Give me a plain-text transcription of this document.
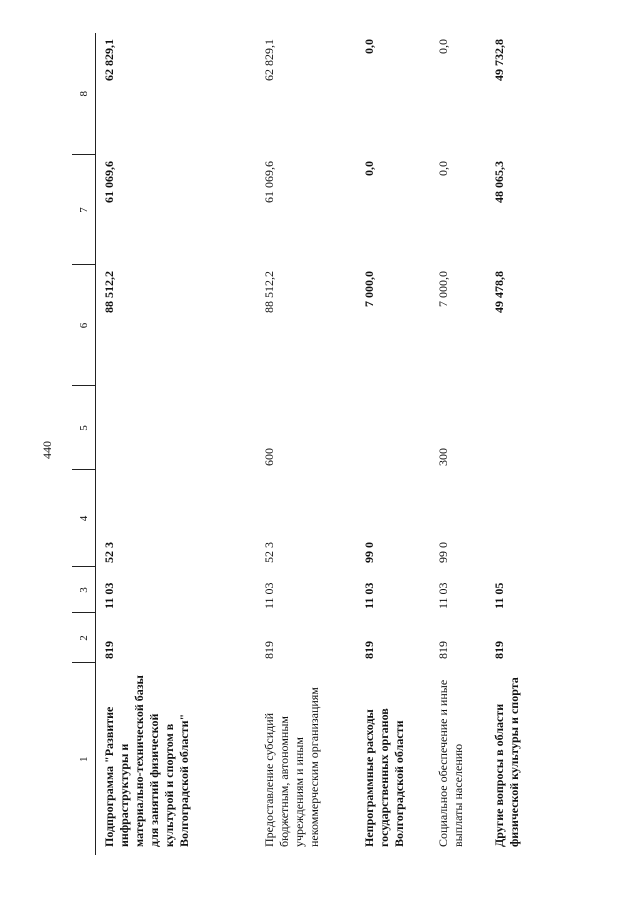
440
1	2	3	4	5	6	7	8
Подпрограмма "Развитие инфраструктуры и материально-технической базы для занятий физической культурой и спортом в Волгоградской области"	819	11 03	52 3		88 512,2	61 069,6	62 829,1
Предоставление субсидий бюджетным, автономным учреждениям и иным некоммерческим организациям	819	11 03	52 3	600	88 512,2	61 069,6	62 829,1
Непрограммные расходы государственных органов Волгоградской области	819	11 03	99 0		7 000,0	0,0	0,0
Социальное обеспечение и иные выплаты населению	819	11 03	99 0	300	7 000,0	0,0	0,0
Другие вопросы в области физической культуры и спорта	819	11 05			49 478,8	48 065,3	49 732,8
